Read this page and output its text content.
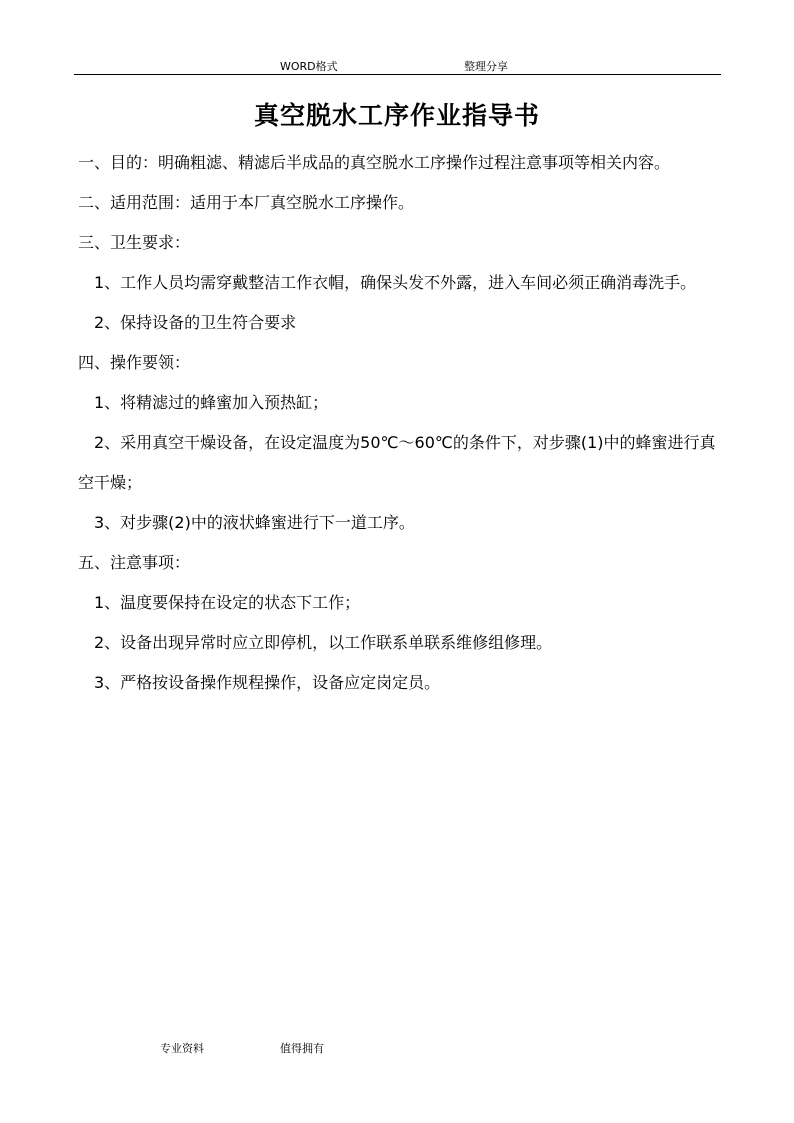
WORD格式	整理分享
真空脱水工序作业指导书

一、目的：明确粗滤、精滤后半成品的真空脱水工序操作过程注意事项等相关内容。

二、适用范围：适用于本厂真空脱水工序操作。

三、卫生要求：

1、工作人员均需穿戴整洁工作衣帽，确保头发不外露，进入车间必须正确消毒洗手。

2、保持设备的卫生符合要求

四、操作要领：

1、将精滤过的蜂蜜加入预热缸；

2、采用真空干燥设备，在设定温度为50℃～60℃的条件下，对步骤(1)中的蜂蜜进行真空干燥；

3、对步骤(2)中的液状蜂蜜进行下一道工序。

五、注意事项：

1、温度要保持在设定的状态下工作；

2、设备出现异常时应立即停机，以工作联系单联系维修组修理。

3、严格按设备操作规程操作，设备应定岗定员。

专业资料	值得拥有
